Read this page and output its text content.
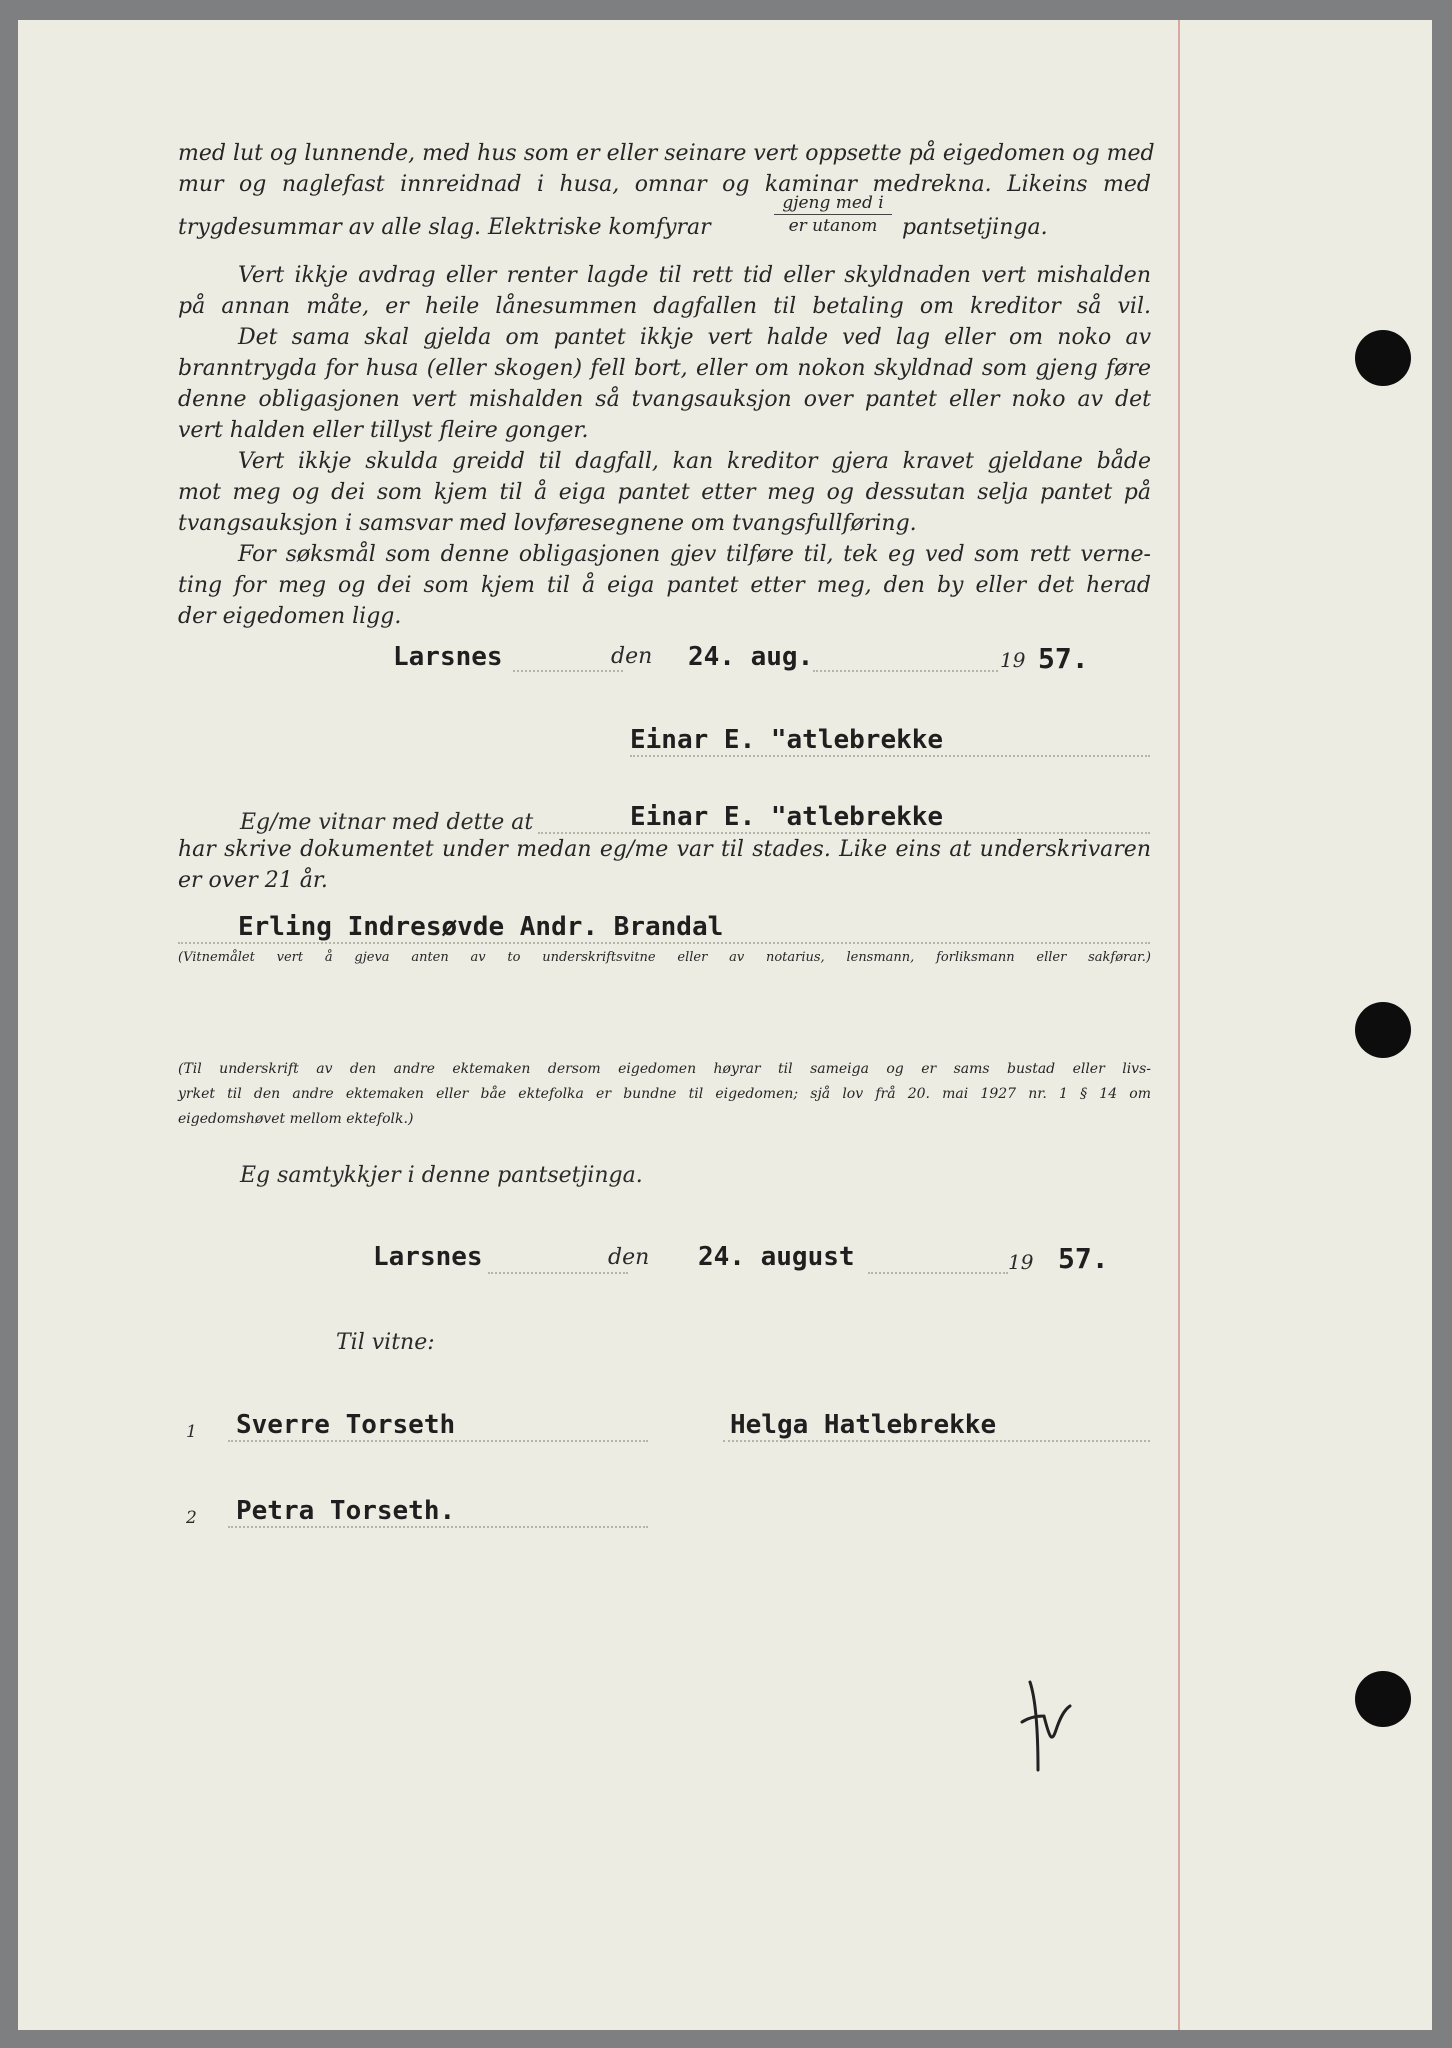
med lut og lunnende, med hus som er eller seinare vert oppsette på eigedomen og med
mur og naglefast innreidnad i husa, omnar og kaminar medrekna. Likeins med
trygdesummar av alle slag. Elektriske komfyrar
gjeng med i
er utanom	pantsetjinga.
Vert ikkje avdrag eller renter lagde til rett tid eller skyldnaden vert mishalden
på annan måte, er heile lånesummen dagfallen til betaling om kreditor så vil.
Det sama skal gjelda om pantet ikkje vert halde ved lag eller om noko av
branntrygda for husa (eller skogen) fell bort, eller om nokon skyldnad som gjeng føre
denne obligasjonen vert mishalden så tvangsauksjon over pantet eller noko av det
vert halden eller tillyst fleire gonger.
Vert ikkje skulda greidd til dagfall, kan kreditor gjera kravet gjeldane både
mot meg og dei som kjem til å eiga pantet etter meg og dessutan selja pantet på
tvangsauksjon i samsvar med lovføresegnene om tvangsfullføring.
For søksmål som denne obligasjonen gjev tilføre til, tek eg ved som rett verne-
ting for meg og dei som kjem til å eiga pantet etter meg, den by eller det herad
der eigedomen ligg.
Larsnes	den 24. aug.	19 57.
Einar E. "atlebrekke
Eg/me vitnar med dette at	Einar E. "atlebrekke
har skrive dokumentet under medan eg/me var til stades. Like eins at underskrivaren
er over 21 år.
Erling Indresøvde Andr. Brandal
(Vitnemålet vert å gjeva anten av to underskriftsvitne eller av notarius, lensmann, forliksmann eller sakførar.)
(Til underskrift av den andre ektemaken dersom eigedomen høyrar til sameiga og er sams bustad eller livs-
yrket til den andre ektemaken eller båe ektefolka er bundne til eigedomen; sjå lov frå 20. mai 1927 nr. 1 § 14 om
eigedomshøvet mellom ektefolk.)
Eg samtykkjer i denne pantsetjinga.
Larsnes	den 24. august	19 57.
Til vitne:
1 Sverre Torseth	Helga Hatlebrekke
2 Petra Torseth.
